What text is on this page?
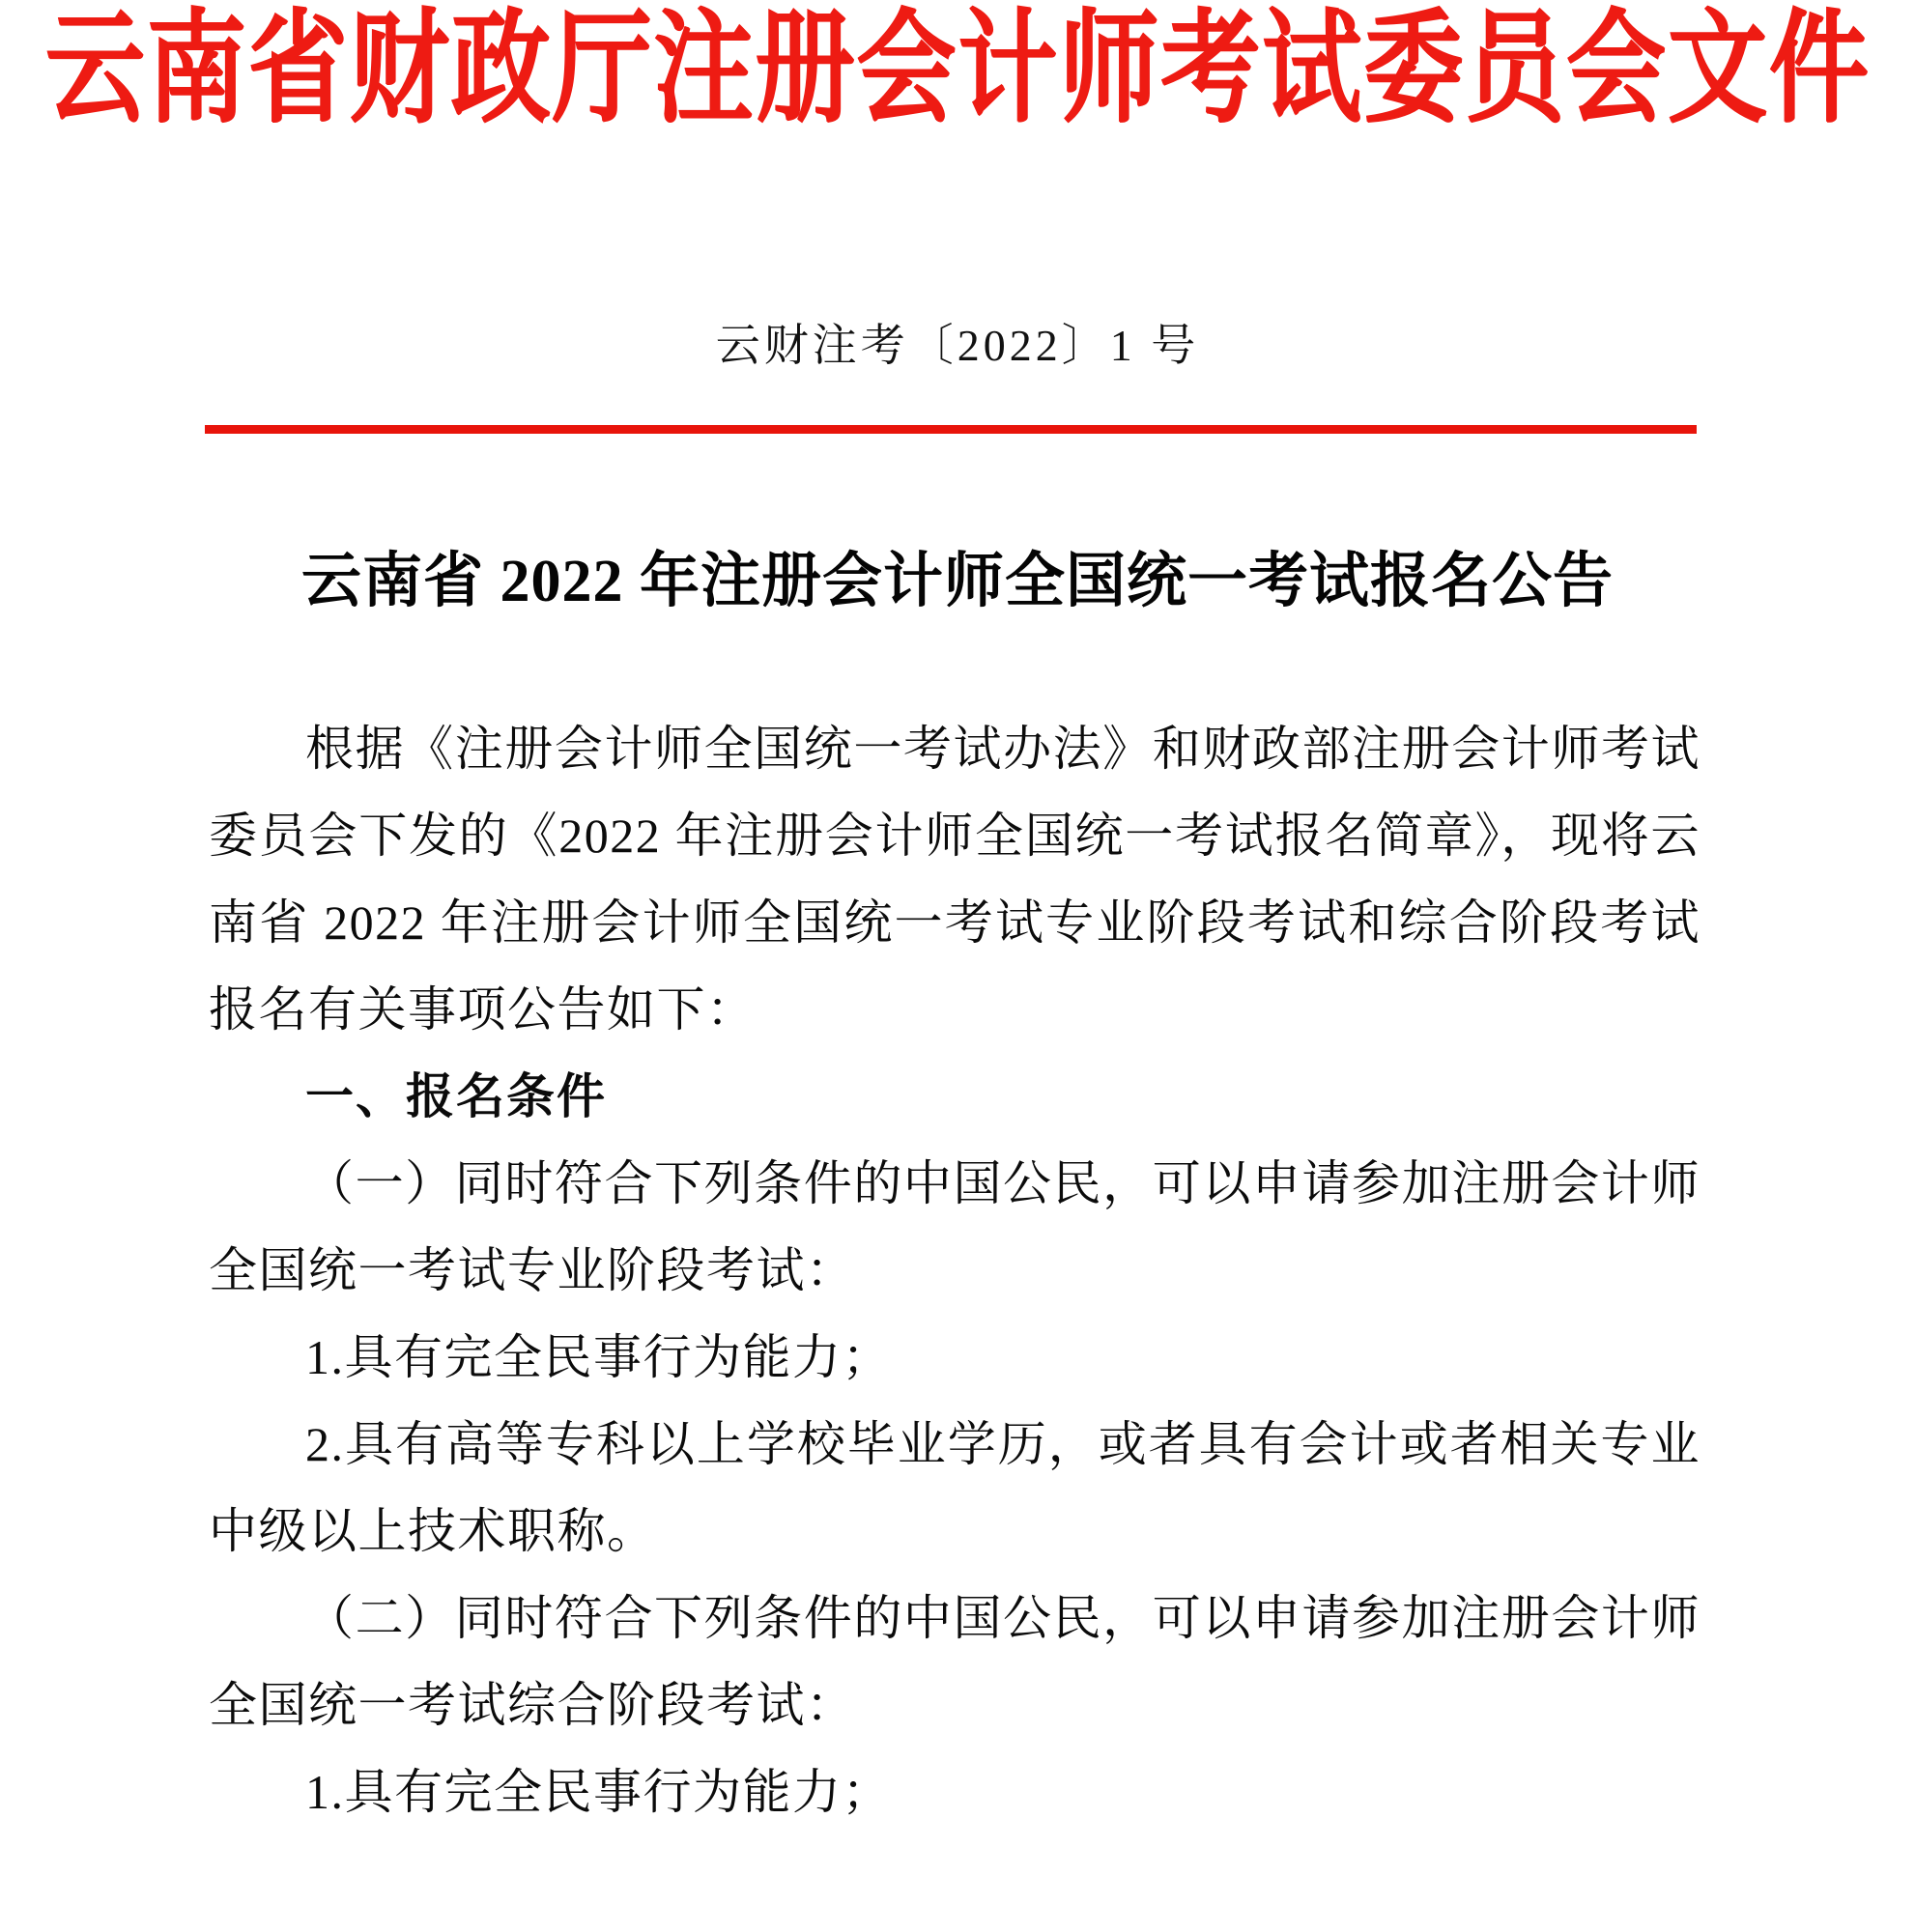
云南省财政厅注册会计师考试委员会文件
云财注考〔2022〕1 号
云南省 2022 年注册会计师全国统一考试报名公告

根据《注册会计师全国统一考试办法》和财政部注册会计师考试委员会下发的《2022 年注册会计师全国统一考试报名简章》，现将云南省 2022 年注册会计师全国统一考试专业阶段考试和综合阶段考试报名有关事项公告如下：

一、报名条件

（一）同时符合下列条件的中国公民，可以申请参加注册会计师全国统一考试专业阶段考试：

1.具有完全民事行为能力；

2.具有高等专科以上学校毕业学历，或者具有会计或者相关专业中级以上技术职称。

（二）同时符合下列条件的中国公民，可以申请参加注册会计师全国统一考试综合阶段考试：

1.具有完全民事行为能力；
